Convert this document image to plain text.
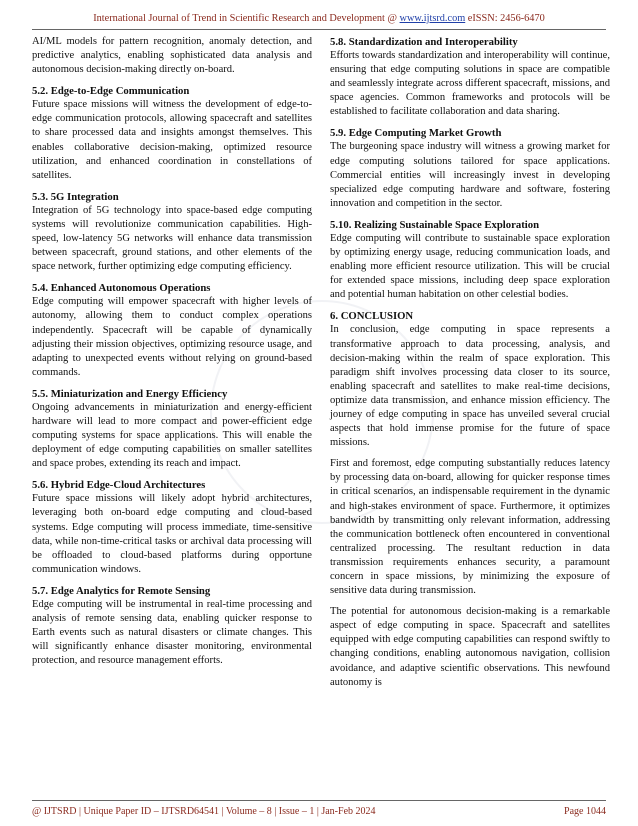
International Journal of Trend in Scientific Research and Development @ www.ijtsrd.com eISSN: 2456-6470

AI/ML models for pattern recognition, anomaly detection, and predictive analytics, enabling sophisticated data analysis and autonomous decision-making directly on-board.

5.2. Edge-to-Edge Communication

Future space missions will witness the development of edge-to-edge communication protocols, allowing spacecraft and satellites to share processed data and insights amongst themselves. This enables collaborative decision-making, optimized resource utilization, and enhanced coordination in constellations of satellites.

5.3. 5G Integration

Integration of 5G technology into space-based edge computing systems will revolutionize communication capabilities. High-speed, low-latency 5G networks will enhance data transmission between spacecraft, ground stations, and other elements of the space network, further optimizing edge computing efficiency.

5.4. Enhanced Autonomous Operations

Edge computing will empower spacecraft with higher levels of autonomy, allowing them to conduct complex operations independently. Spacecraft will be capable of dynamically adjusting their mission objectives, optimizing resource usage, and adapting to unexpected events without relying on ground-based commands.

5.5. Miniaturization and Energy Efficiency

Ongoing advancements in miniaturization and energy-efficient hardware will lead to more compact and power-efficient edge computing systems for space applications. This will enable the deployment of edge computing capabilities on smaller satellites and space probes, extending its reach and impact.

5.6. Hybrid Edge-Cloud Architectures

Future space missions will likely adopt hybrid architectures, leveraging both on-board edge computing and cloud-based systems. Edge computing will process immediate, time-sensitive data, while non-time-critical tasks or archival data processing will be offloaded to cloud-based platforms during opportune communication windows.

5.7. Edge Analytics for Remote Sensing

Edge computing will be instrumental in real-time processing and analysis of remote sensing data, enabling quicker response to Earth events such as natural disasters or climate changes. This will significantly enhance disaster monitoring, environmental protection, and resource management efforts.

5.8. Standardization and Interoperability

Efforts towards standardization and interoperability will continue, ensuring that edge computing solutions in space are compatible and seamlessly integrate across different spacecraft, missions, and space agencies. Common frameworks and protocols will be established to facilitate collaboration and data sharing.

5.9. Edge Computing Market Growth

The burgeoning space industry will witness a growing market for edge computing solutions tailored for space applications. Commercial entities will increasingly invest in developing specialized edge computing hardware and software, fostering innovation and competition in the sector.

5.10. Realizing Sustainable Space Exploration

Edge computing will contribute to sustainable space exploration by optimizing energy usage, reducing communication loads, and enabling more efficient resource utilization. This will be crucial for extended space missions, including deep space exploration and potential human habitation on other celestial bodies.

6. CONCLUSION

In conclusion, edge computing in space represents a transformative approach to data processing, analysis, and decision-making within the realm of space exploration. This paradigm shift involves processing data closer to its source, enabling spacecraft and satellites to make real-time decisions, optimize data transmission, and enhance mission efficiency. The journey of edge computing in space has unveiled several crucial aspects that hold immense promise for the future of space missions.

First and foremost, edge computing substantially reduces latency by processing data on-board, allowing for quicker response times in critical scenarios, an indispensable requirement in the dynamic and high-stakes environment of space. Furthermore, it optimizes bandwidth by transmitting only relevant information, addressing the communication bottleneck often encountered in conventional centralized processing. The resultant reduction in data transmission requirements enhances security, a paramount concern in space missions, by minimizing the exposure of sensitive data during transmission.

The potential for autonomous decision-making is a remarkable aspect of edge computing in space. Spacecraft and satellites equipped with edge computing capabilities can respond swiftly to changing conditions, enabling autonomous navigation, collision avoidance, and adaptive scientific observations. This newfound autonomy is

@ IJTSRD | Unique Paper ID – IJTSRD64541 | Volume – 8 | Issue – 1 | Jan-Feb 2024	Page 1044
